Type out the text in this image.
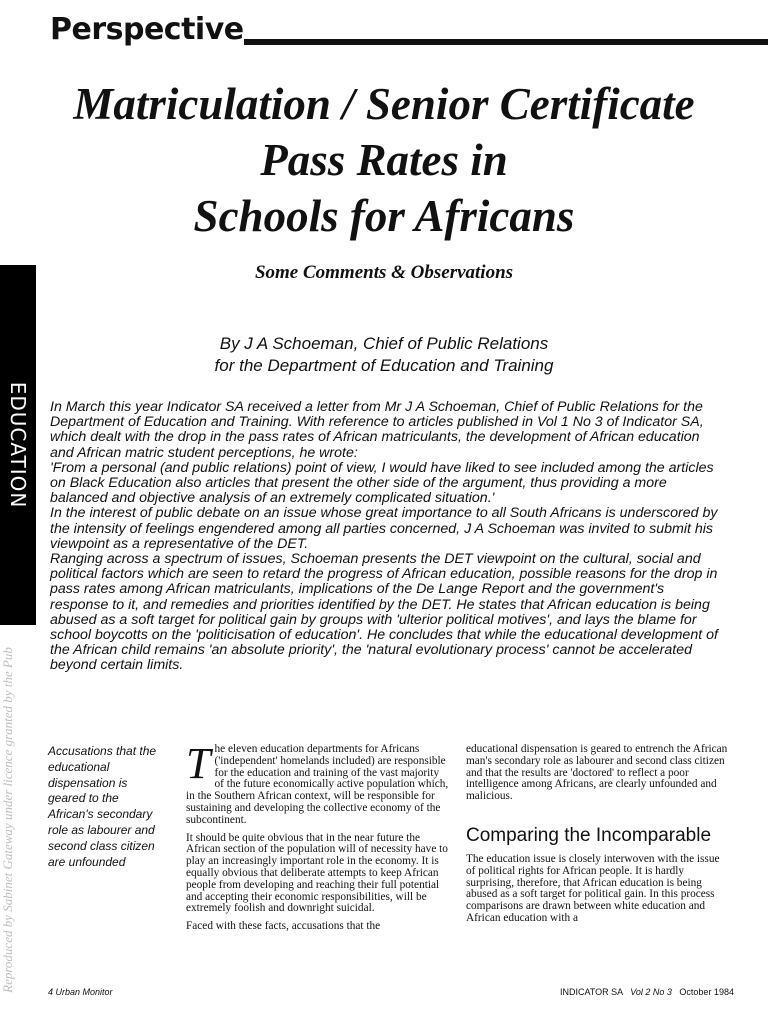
Perspective
Matriculation / Senior Certificate
Pass Rates in
Schools for Africans
Some Comments & Observations
By J A Schoeman, Chief of Public Relations
for the Department of Education and Training
EDUCATION
Reproduced by Sabinet Gateway under licence granted by the Pub

In March this year Indicator SA received a letter from Mr J A Schoeman, Chief of Public Relations for the Department of Education and Training. With reference to articles published in Vol 1 No 3 of Indicator SA, which dealt with the drop in the pass rates of African matriculants, the development of African education and African matric student perceptions, he wrote:

'From a personal (and public relations) point of view, I would have liked to see included among the articles on Black Education also articles that present the other side of the argument, thus providing a more balanced and objective analysis of an extremely complicated situation.'

In the interest of public debate on an issue whose great importance to all South Africans is underscored by the intensity of feelings engendered among all parties concerned, J A Schoeman was invited to submit his viewpoint as a representative of the DET.

Ranging across a spectrum of issues, Schoeman presents the DET viewpoint on the cultural, social and political factors which are seen to retard the progress of African education, possible reasons for the drop in pass rates among African matriculants, implications of the De Lange Report and the government's response to it, and remedies and priorities identified by the DET. He states that African education is being abused as a soft target for political gain by groups with 'ulterior political motives', and lays the blame for school boycotts on the 'politicisation of education'. He concludes that while the educational development of the African child remains 'an absolute priority', the 'natural evolutionary process' cannot be accelerated beyond certain limits.

Accusations that the educational dispensation is geared to the African's secondary role as labourer and second class citizen are unfounded

The eleven education departments for Africans ('independent' homelands included) are responsible for the education and training of the vast majority of the future economically active population which, in the Southern African context, will be responsible for sustaining and developing the collective economy of the subcontinent.

It should be quite obvious that in the near future the African section of the population will of necessity have to play an increasingly important role in the economy. It is equally obvious that deliberate attempts to keep African people from developing and reaching their full potential and accepting their economic responsibilities, will be extremely foolish and downright suicidal.

Faced with these facts, accusations that the

educational dispensation is geared to entrench the African man's secondary role as labourer and second class citizen and that the results are 'doctored' to reflect a poor intelligence among Africans, are clearly unfounded and malicious.

Comparing the Incomparable

The education issue is closely interwoven with the issue of political rights for African people. It is hardly surprising, therefore, that African education is being abused as a soft target for political gain. In this process comparisons are drawn between white education and African education with a

4 Urban Monitor	INDICATOR SA Vol 2 No 3 October 1984
